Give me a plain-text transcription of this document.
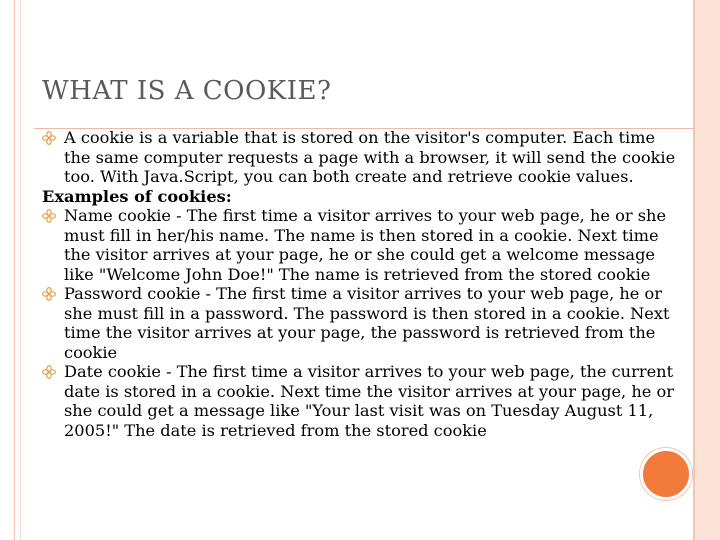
WHAT IS A COOKIE?
A cookie is a variable that is stored on the visitor's computer. Each time the same computer requests a page with a browser, it will send the cookie too. With Java.Script, you can both create and retrieve cookie values.
Examples of cookies:
Name cookie - The first time a visitor arrives to your web page, he or she must fill in her/his name. The name is then stored in a cookie. Next time the visitor arrives at your page, he or she could get a welcome message like "Welcome John Doe!" The name is retrieved from the stored cookie
Password cookie - The first time a visitor arrives to your web page, he or she must fill in a password. The password is then stored in a cookie. Next time the visitor arrives at your page, the password is retrieved from the cookie
Date cookie - The first time a visitor arrives to your web page, the current date is stored in a cookie. Next time the visitor arrives at your page, he or she could get a message like "Your last visit was on Tuesday August 11, 2005!" The date is retrieved from the stored cookie
